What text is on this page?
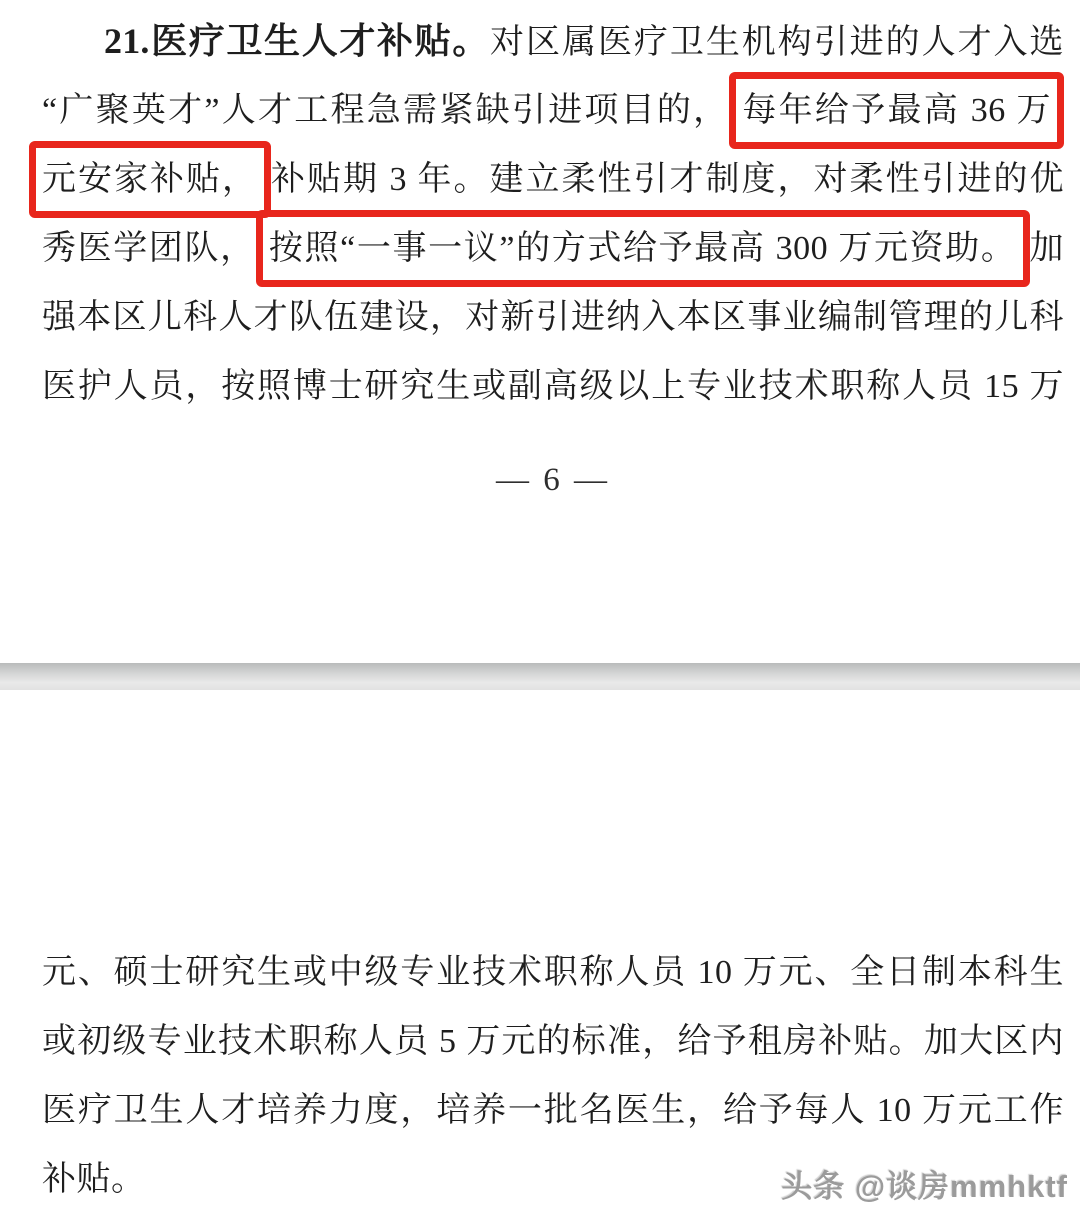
21.医疗卫生人才补贴。对区属医疗卫生机构引进的人才入选
“广聚英才”人才工程急需紧缺引进项目的， 每年给予最高 36 万
元安家补贴， 补贴期 3 年。建立柔性引才制度，对柔性引进的优
秀医学团队， 按照“一事一议”的方式给予最高 300 万元资助。 加
强本区儿科人才队伍建设，对新引进纳入本区事业编制管理的儿科
医护人员，按照博士研究生或副高级以上专业技术职称人员 15 万
— 6 —
元、硕士研究生或中级专业技术职称人员 10 万元、全日制本科生
或初级专业技术职称人员 5 万元的标准，给予租房补贴。加大区内
医疗卫生人才培养力度，培养一批名医生，给予每人 10 万元工作
补贴。	头条 @谈房mmhktf
